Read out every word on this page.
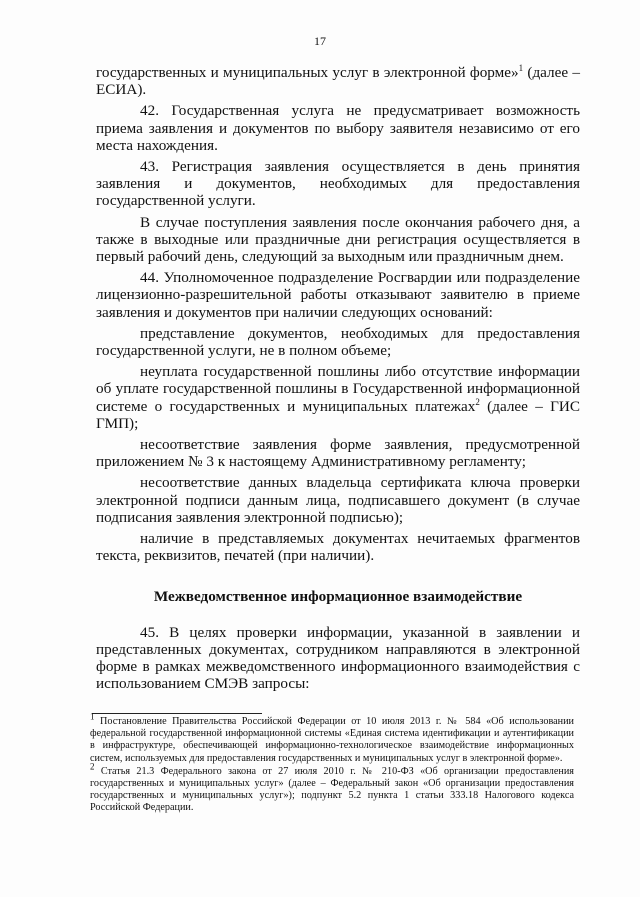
17

государственных и муниципальных услуг в электронной форме»$^1$ (далее – ЕСИА).

42. Государственная услуга не предусматривает возможность приема заявления и документов по выбору заявителя независимо от его места нахождения.

43. Регистрация заявления осуществляется в день принятия заявления и документов, необходимых для предоставления государственной услуги.

В случае поступления заявления после окончания рабочего дня, а также в выходные или праздничные дни регистрация осуществляется в первый рабочий день, следующий за выходным или праздничным днем.

44. Уполномоченное подразделение Росгвардии или подразделение лицензионно-разрешительной работы отказывают заявителю в приеме заявления и документов при наличии следующих оснований:

представление документов, необходимых для предоставления государственной услуги, не в полном объеме;

неуплата государственной пошлины либо отсутствие информации об уплате государственной пошлины в Государственной информационной системе о государственных и муниципальных платежах$^2$ (далее – ГИС ГМП);

несоответствие заявления форме заявления, предусмотренной приложением № 3 к настоящему Административному регламенту;

несоответствие данных владельца сертификата ключа проверки электронной подписи данным лица, подписавшего документ (в случае подписания заявления электронной подписью);

наличие в представляемых документах нечитаемых фрагментов текста, реквизитов, печатей (при наличии).

Межведомственное информационное взаимодействие

45. В целях проверки информации, указанной в заявлении и представленных документах, сотрудником направляются в электронной форме в рамках межведомственного информационного взаимодействия с использованием СМЭВ запросы:

$^1$ Постановление Правительства Российской Федерации от 10 июля 2013 г. № 584 «Об использовании федеральной государственной информационной системы «Единая система идентификации и аутентификации в инфраструктуре, обеспечивающей информационно-технологическое взаимодействие информационных систем, используемых для предоставления государственных и муниципальных услуг в электронной форме».

$^2$ Статья 21.3 Федерального закона от 27 июля 2010 г. № 210-ФЗ «Об организации предоставления государственных и муниципальных услуг» (далее – Федеральный закон «Об организации предоставления государственных и муниципальных услуг»); подпункт 5.2 пункта 1 статьи 333.18 Налогового кодекса Российской Федерации.
